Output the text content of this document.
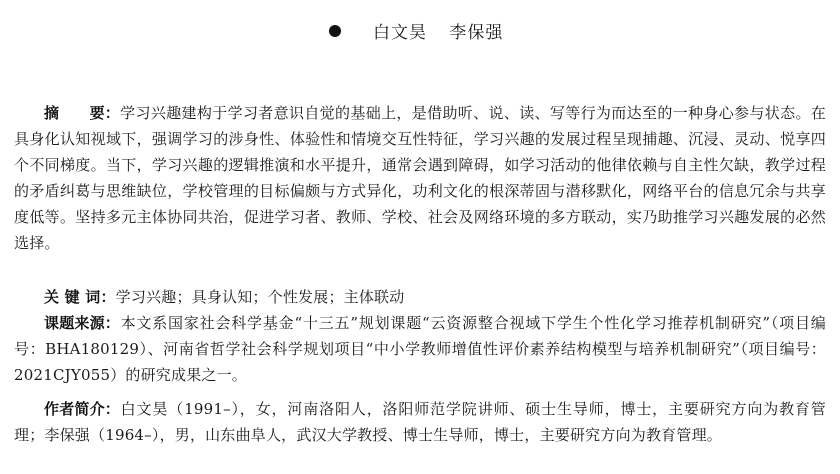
白文昊 李保强
摘　　要：学习兴趣建构于学习者意识自觉的基础上，是借助听、说、读、写等行为而达至的一种身心参与状态。在具身化认知视域下，强调学习的涉身性、体验性和情境交互性特征，学习兴趣的发展过程呈现捕趣、沉浸、灵动、悦享四个不同梯度。当下，学习兴趣的逻辑推演和水平提升，通常会遇到障碍，如学习活动的他律依赖与自主性欠缺，教学过程的矛盾纠葛与思维缺位，学校管理的目标偏颇与方式异化，功利文化的根深蒂固与潜移默化，网络平台的信息冗余与共享度低等。坚持多元主体协同共治，促进学习者、教师、学校、社会及网络环境的多方联动，实乃助推学习兴趣发展的必然选择。
关 键 词：学习兴趣；具身认知；个性发展；主体联动
课题来源：本文系国家社会科学基金“十三五”规划课题“云资源整合视域下学生个性化学习推荐机制研究”（项目编号：BHA180129）、河南省哲学社会科学规划项目“中小学教师增值性评价素养结构模型与培养机制研究”（项目编号：2021CJY055）的研究成果之一。
作者简介：白文昊（1991–），女，河南洛阳人，洛阳师范学院讲师、硕士生导师，博士，主要研究方向为教育管理；李保强（1964–），男，山东曲阜人，武汉大学教授、博士生导师，博士，主要研究方向为教育管理。
